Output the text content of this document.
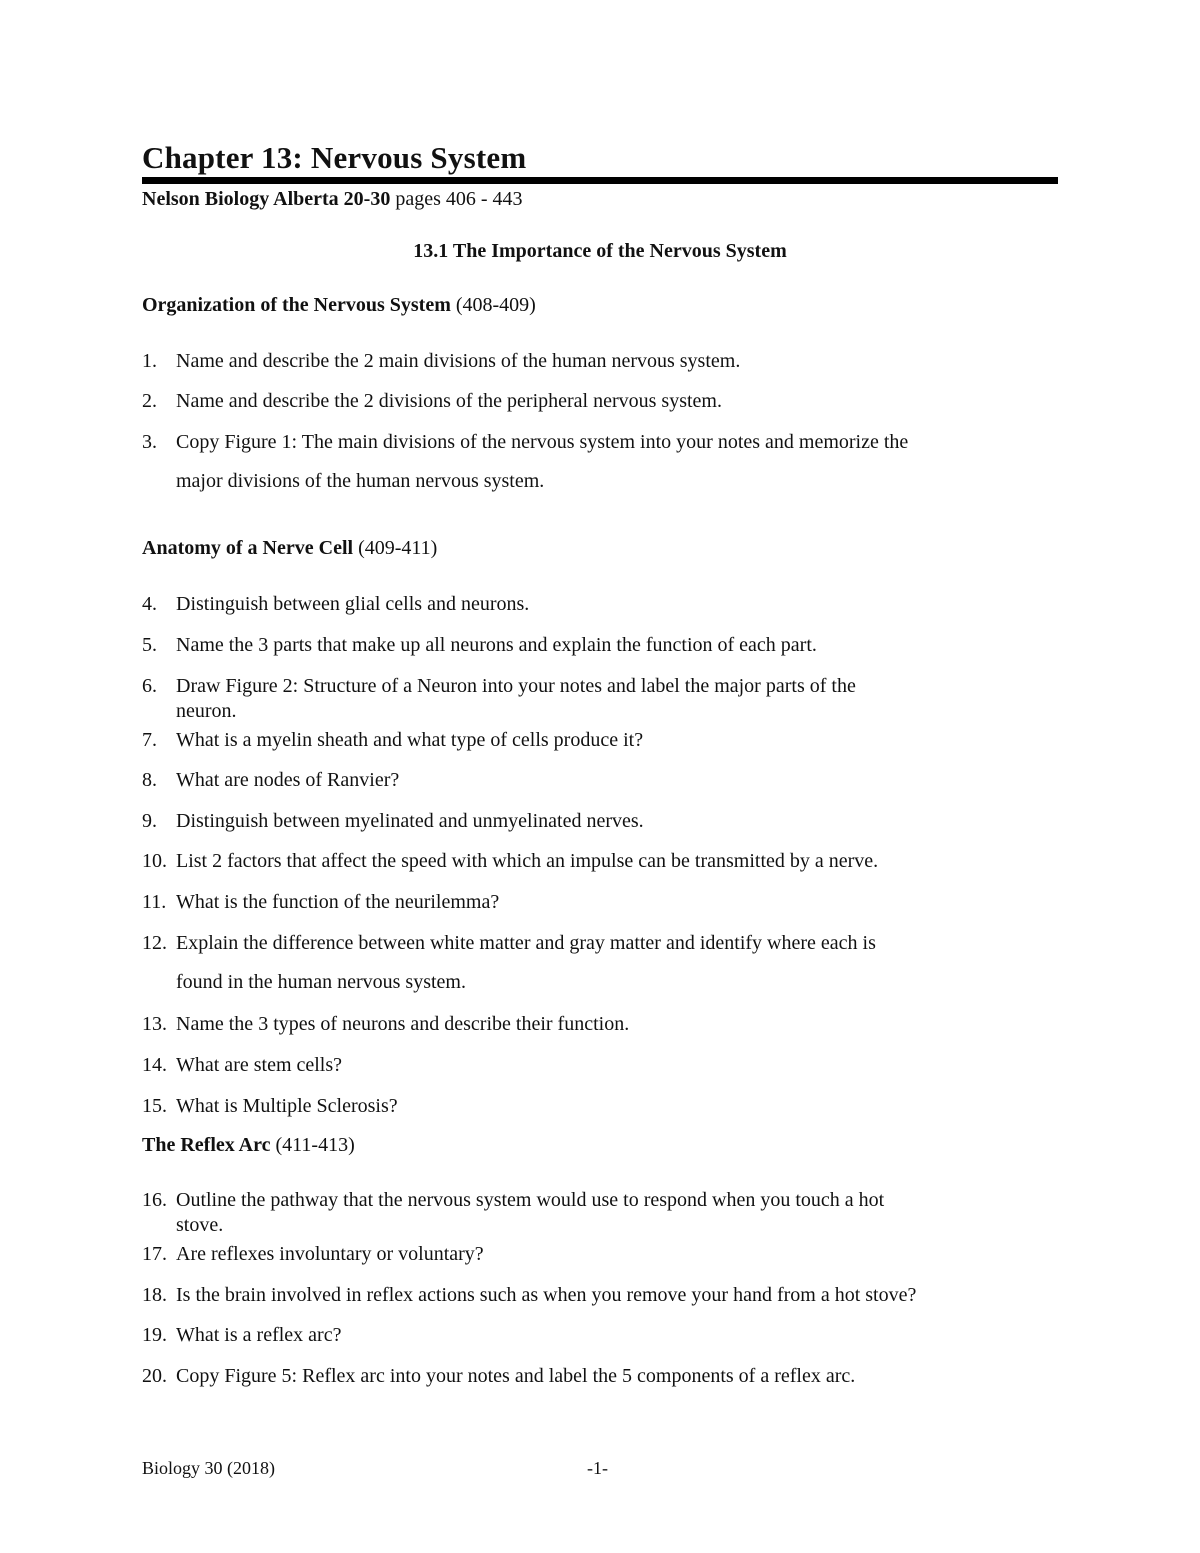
Chapter 13: Nervous System
Nelson Biology Alberta 20-30 pages 406 - 443
13.1 The Importance of the Nervous System
Organization of the Nervous System (408-409)
1. Name and describe the 2 main divisions of the human nervous system.
2. Name and describe the 2 divisions of the peripheral nervous system.
3. Copy Figure 1: The main divisions of the nervous system into your notes and memorize the
major divisions of the human nervous system.
Anatomy of a Nerve Cell (409-411)
4. Distinguish between glial cells and neurons.
5. Name the 3 parts that make up all neurons and explain the function of each part.
6. Draw Figure 2: Structure of a Neuron into your notes and label the major parts of the
neuron.
7. What is a myelin sheath and what type of cells produce it?
8. What are nodes of Ranvier?
9. Distinguish between myelinated and unmyelinated nerves.
10. List 2 factors that affect the speed with which an impulse can be transmitted by a nerve.
11. What is the function of the neurilemma?
12. Explain the difference between white matter and gray matter and identify where each is
found in the human nervous system.
13. Name the 3 types of neurons and describe their function.
14. What are stem cells?
15. What is Multiple Sclerosis?
The Reflex Arc (411-413)
16. Outline the pathway that the nervous system would use to respond when you touch a hot
stove.
17. Are reflexes involuntary or voluntary?
18. Is the brain involved in reflex actions such as when you remove your hand from a hot stove?
19. What is a reflex arc?
20. Copy Figure 5: Reflex arc into your notes and label the 5 components of a reflex arc.
Biology 30 (2018)	-1-
